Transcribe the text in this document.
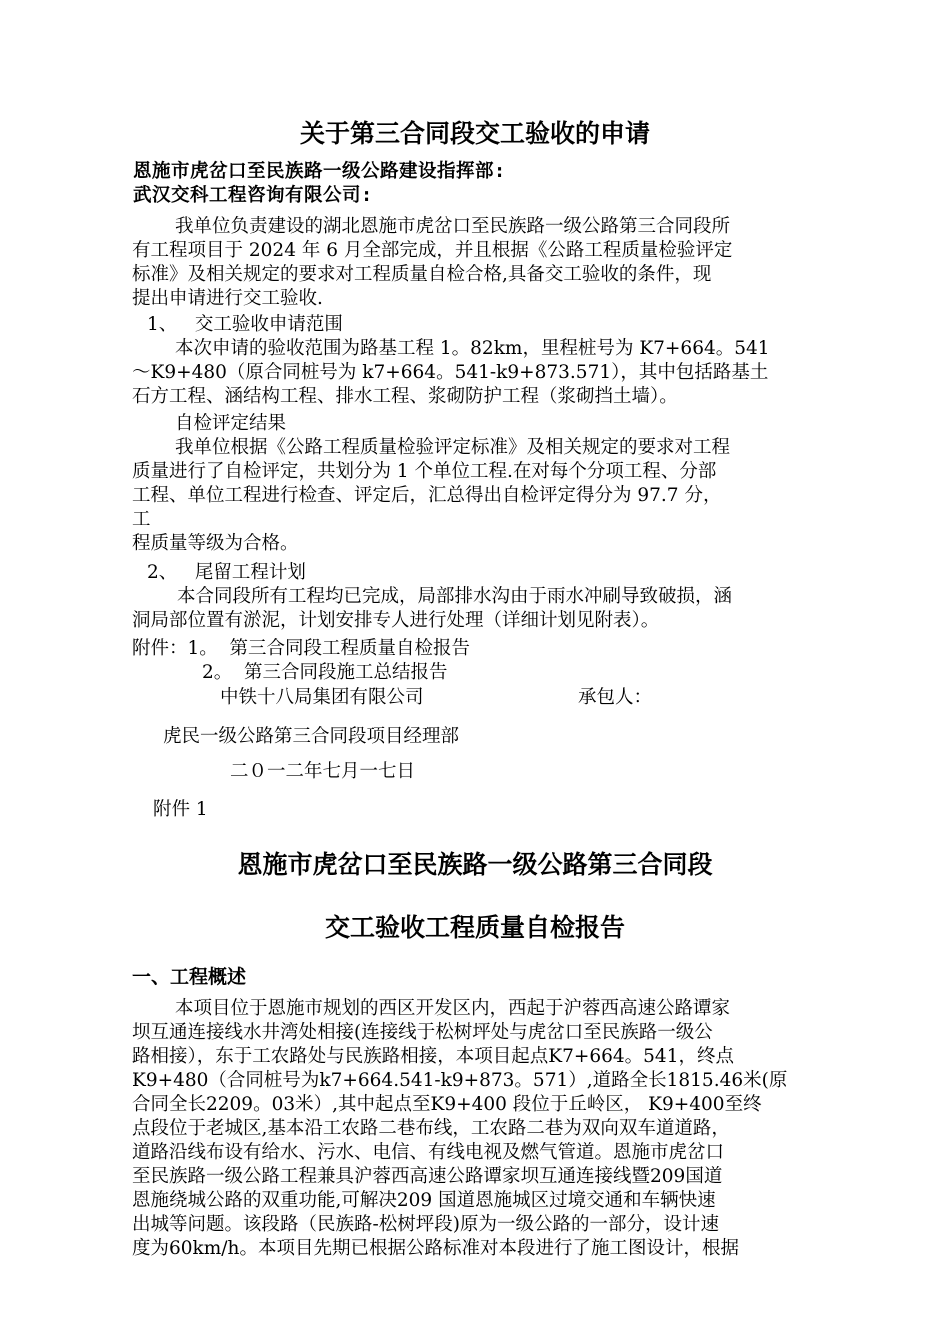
关于第三合同段交工验收的申请
恩施市虎岔口至民族路一级公路建设指挥部:
武汉交科工程咨询有限公司:
我单位负责建设的湖北恩施市虎岔口至民族路一级公路第三合同段所
有工程项目于 2024 年 6 月全部完成，并且根据《公路工程质量检验评定
标准》及相关规定的要求对工程质量自检合格,具备交工验收的条件，现
提出申请进行交工验收.
1、   交工验收申请范围
本次申请的验收范围为路基工程 1。82km，里程桩号为 K7+664。541
～K9+480（原合同桩号为 k7+664。541-k9+873.571），其中包括路基土
石方工程、涵结构工程、排水工程、浆砌防护工程（浆砌挡土墙）。
自检评定结果
我单位根据《公路工程质量检验评定标准》及相关规定的要求对工程
质量进行了自检评定，共划分为 1 个单位工程.在对每个分项工程、分部
工程、单位工程进行检查、评定后，汇总得出自检评定得分为 97.7 分，
工
程质量等级为合格。
2、   尾留工程计划
本合同段所有工程均已完成，局部排水沟由于雨水冲刷导致破损，涵
洞局部位置有淤泥，计划安排专人进行处理（详细计划见附表）。
附件：1。  第三合同段工程质量自检报告
2。  第三合同段施工总结报告
中铁十八局集团有限公司	承包人：
虎民一级公路第三合同段项目经理部
二０一二年七月一七日
附件 1
恩施市虎岔口至民族路一级公路第三合同段
交工验收工程质量自检报告
一、工程概述
本项目位于恩施市规划的西区开发区内，西起于沪蓉西高速公路谭家
坝互通连接线水井湾处相接(连接线于松树坪处与虎岔口至民族路一级公
路相接），东于工农路处与民族路相接，本项目起点K7+664。541，终点
K9+480（合同桩号为k7+664.541-k9+873。571）,道路全长1815.46米(原
合同全长2209。03米）,其中起点至K9+400 段位于丘岭区， K9+400至终
点段位于老城区,基本沿工农路二巷布线，工农路二巷为双向双车道道路，
道路沿线布设有给水、污水、电信、有线电视及燃气管道。恩施市虎岔口
至民族路一级公路工程兼具沪蓉西高速公路谭家坝互通连接线暨209国道
恩施绕城公路的双重功能,可解决209 国道恩施城区过境交通和车辆快速
出城等问题。该段路（民族路-松树坪段)原为一级公路的一部分，设计速
度为60km/h。本项目先期已根据公路标准对本段进行了施工图设计，根据
